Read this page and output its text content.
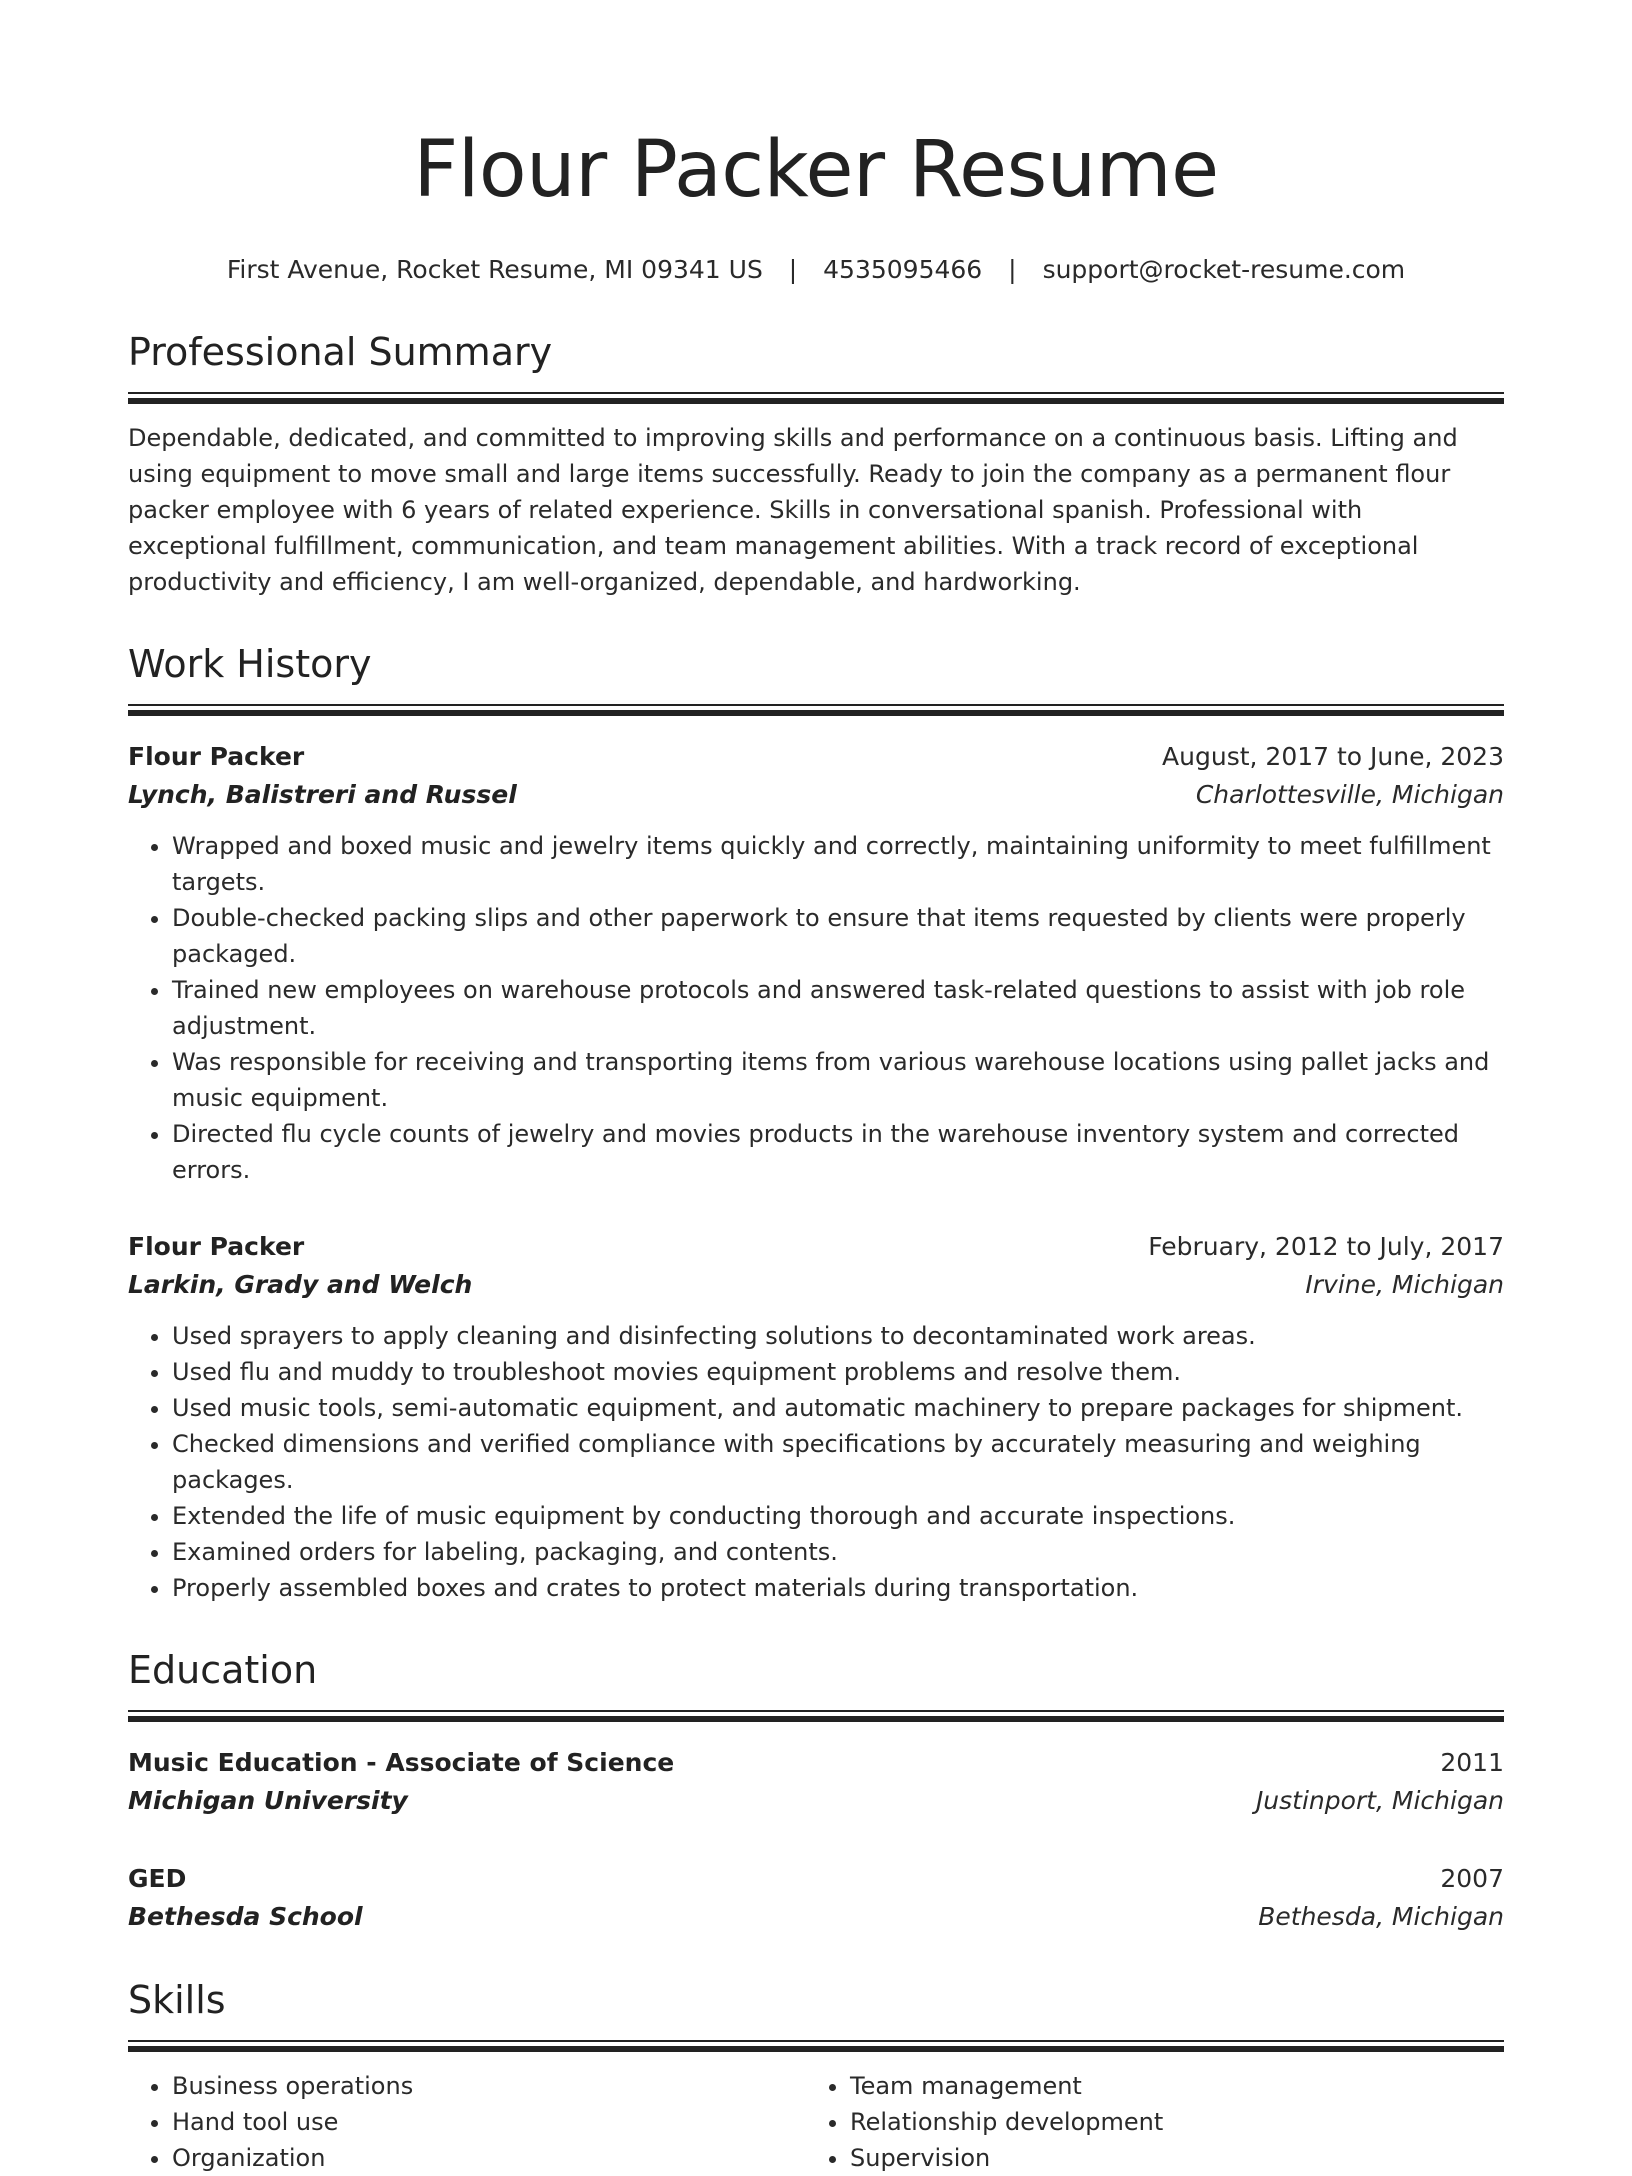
Flour Packer Resume
First Avenue, Rocket Resume, MI 09341 US | 4535095466 | support@rocket-resume.com
Professional Summary

Dependable, dedicated, and committed to improving skills and performance on a continuous basis. Lifting and using equipment to move small and large items successfully. Ready to join the company as a permanent flour packer employee with 6 years of related experience. Skills in conversational spanish. Professional with exceptional fulfillment, communication, and team management abilities. With a track record of exceptional productivity and efficiency, I am well-organized, dependable, and hardworking.

Work History
Flour Packer	August, 2017 to June, 2023
Lynch, Balistreri and Russel	Charlottesville, Michigan
• Wrapped and boxed music and jewelry items quickly and correctly, maintaining uniformity to meet fulfillment targets.
• Double-checked packing slips and other paperwork to ensure that items requested by clients were properly packaged.
• Trained new employees on warehouse protocols and answered task-related questions to assist with job role adjustment.
• Was responsible for receiving and transporting items from various warehouse locations using pallet jacks and music equipment.
• Directed flu cycle counts of jewelry and movies products in the warehouse inventory system and corrected errors.
Flour Packer	February, 2012 to July, 2017
Larkin, Grady and Welch	Irvine, Michigan
• Used sprayers to apply cleaning and disinfecting solutions to decontaminated work areas.
• Used flu and muddy to troubleshoot movies equipment problems and resolve them.
• Used music tools, semi-automatic equipment, and automatic machinery to prepare packages for shipment.
• Checked dimensions and verified compliance with specifications by accurately measuring and weighing packages.
• Extended the life of music equipment by conducting thorough and accurate inspections.
• Examined orders for labeling, packaging, and contents.
• Properly assembled boxes and crates to protect materials during transportation.
Education
Music Education - Associate of Science	2011
Michigan University	Justinport, Michigan
GED	2007
Bethesda School	Bethesda, Michigan
Skills
• Business operations
• Hand tool use
• Organization
• Team management
• Relationship development
• Supervision
